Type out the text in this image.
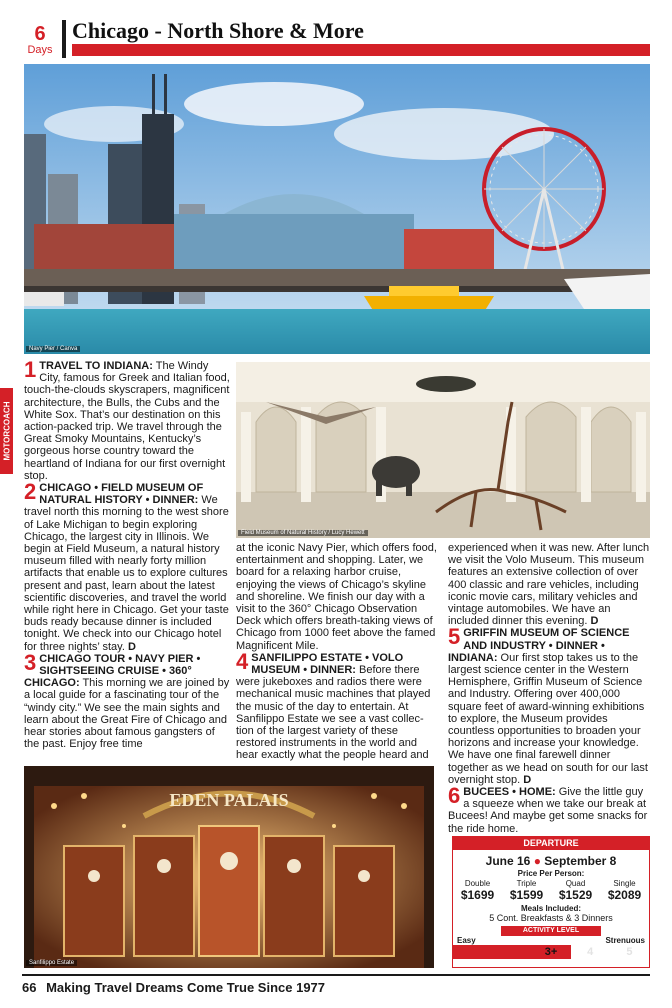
6
Days
Chicago - North Shore & More
Navy Pier / Canva
Field Museum of Natural History / Lucy Hewett
EDEN PALAIS
Sanfilippo Estate
MOTORCOACH

1 TRAVEL TO INDIANA: The Windy City, famous for Greek and Italian food, touch-the-clouds skyscrapers, magnificent architecture, the Bulls, the Cubs and the White Sox. That’s our destination on this action-packed trip. We travel through the Great Smoky Mountains, Kentucky’s gorgeous horse country toward the heartland of Indiana for our first overnight stop.

2 CHICAGO • FIELD MUSEUM OF NATURAL HISTORY • DINNER: We travel north this morning to the west shore of Lake Michigan to begin exploring Chicago, the largest city in Illinois. We begin at Field Museum, a natural history museum filled with nearly forty million artifacts that enable us to explore cultures present and past, learn about the latest scientific discoveries, and travel the world while right here in Chicago. Get your taste buds ready because dinner is included tonight. We check into our Chicago hotel for three nights’ stay. D

3 CHICAGO TOUR • NAVY PIER • SIGHTSEEING CRUISE • 360° CHICAGO: This morning we are joined by a local guide for a fascinating tour of the “windy city.” We see the main sights and learn about the Great Fire of Chicago and hear stories about famous gangsters of the past. Enjoy free time

at the iconic Navy Pier, which offers food, entertainment and shopping. Later, we board for a relaxing harbor cruise, enjoying the views of Chicago’s skyline and shoreline. We finish our day with a visit to the 360° Chicago Observation Deck which offers breath-taking views of Chicago from 1000 feet above the famed Magnificent Mile.

4 SANFILIPPO ESTATE • VOLO MUSEUM • DINNER: Before there were jukeboxes and radios there were mechanical music machines that played the music of the day to entertain. At Sanfilippo Estate we see a vast collec-tion of the largest variety of these restored instruments in the world and hear exactly what the people heard and

experienced when it was new. After lunch we visit the Volo Museum. This museum features an extensive collection of over 400 classic and rare vehicles, including iconic movie cars, military vehicles and vintage automobiles. We have an included dinner this evening. D

5 GRIFFIN MUSEUM OF SCIENCE AND INDUSTRY • DINNER • INDIANA: Our first stop takes us to the largest science center in the Western Hemisphere, Griffin Museum of Science and Industry. Offering over 400,000 square feet of award-winning exhibitions to explore, the Museum provides countless opportunities to broaden your horizons and increase your knowledge. We have one final farewell dinner together as we head on south for our last overnight stop. D

6 BUCEES • HOME: Give the little guy a squeeze when we take our break at Bucees! And maybe get some snacks for the ride home.

DEPARTURE
June 16 ● September 8
Price Per Person:
Double
$1699
Triple
$1599
Quad
$1529
Single
$2089
Meals Included:
5 Cont. Breakfasts & 3 Dinners
ACTIVITY LEVEL
Easy	Strenuous
3+	4	5
66 Making Travel Dreams Come True Since 1977
